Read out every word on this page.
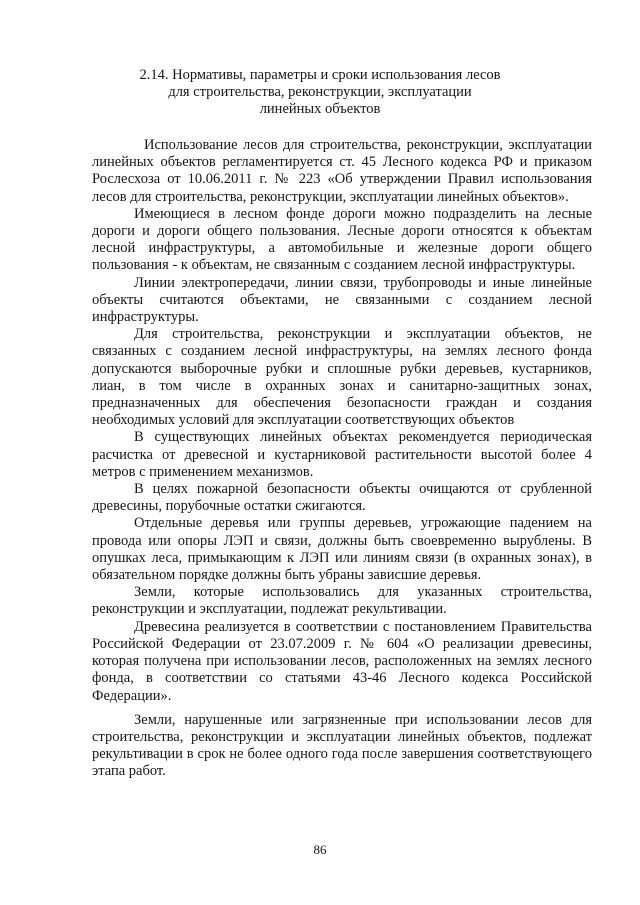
2.14. Нормативы, параметры и сроки использования лесов
для строительства, реконструкции, эксплуатации
линейных объектов

Использование лесов для строительства, реконструкции, эксплуатации линейных объектов регламентируется ст. 45 Лесного кодекса РФ и приказом Рослесхоза от 10.06.2011 г. № 223 «Об утверждении Правил использования лесов для строительства, реконструкции, эксплуатации линейных объектов».

Имеющиеся в лесном фонде дороги можно подразделить на лесные дороги и дороги общего пользования. Лесные дороги относятся к объектам лесной инфраструктуры, а автомобильные и железные дороги общего пользования - к объектам, не связанным с созданием лесной инфраструктуры.

Линии электропередачи, линии связи, трубопроводы и иные линейные объекты считаются объектами, не связанными с созданием лесной инфраструктуры.

Для строительства, реконструкции и эксплуатации объектов, не связанных с созданием лесной инфраструктуры, на землях лесного фонда допускаются выборочные рубки и сплошные рубки деревьев, кустарников, лиан, в том числе в охранных зонах и санитарно-защитных зонах, предназначенных для обеспечения безопасности граждан и создания необходимых условий для эксплуатации соответствующих объектов

В существующих линейных объектах рекомендуется периодическая расчистка от древесной и кустарниковой растительности высотой более 4 метров с применением механизмов.

В целях пожарной безопасности объекты очищаются от срубленной древесины, порубочные остатки сжигаются.

Отдельные деревья или группы деревьев, угрожающие падением на провода или опоры ЛЭП и связи, должны быть своевременно вырублены. В опушках леса, примыкающим к ЛЭП или линиям связи (в охранных зонах), в обязательном порядке должны быть убраны зависшие деревья.

Земли, которые использовались для указанных строительства, реконструкции и эксплуатации, подлежат рекультивации.

Древесина реализуется в соответствии с постановлением Правительства Российской Федерации от 23.07.2009 г. № 604 «О реализации древесины, которая получена при использовании лесов, расположенных на землях лесного фонда, в соответствии со статьями 43-46 Лесного кодекса Российской Федерации».

Земли, нарушенные или загрязненные при использовании лесов для строительства, реконструкции и эксплуатации линейных объектов, подлежат рекультивации в срок не более одного года после завершения соответствующего этапа работ.

86
